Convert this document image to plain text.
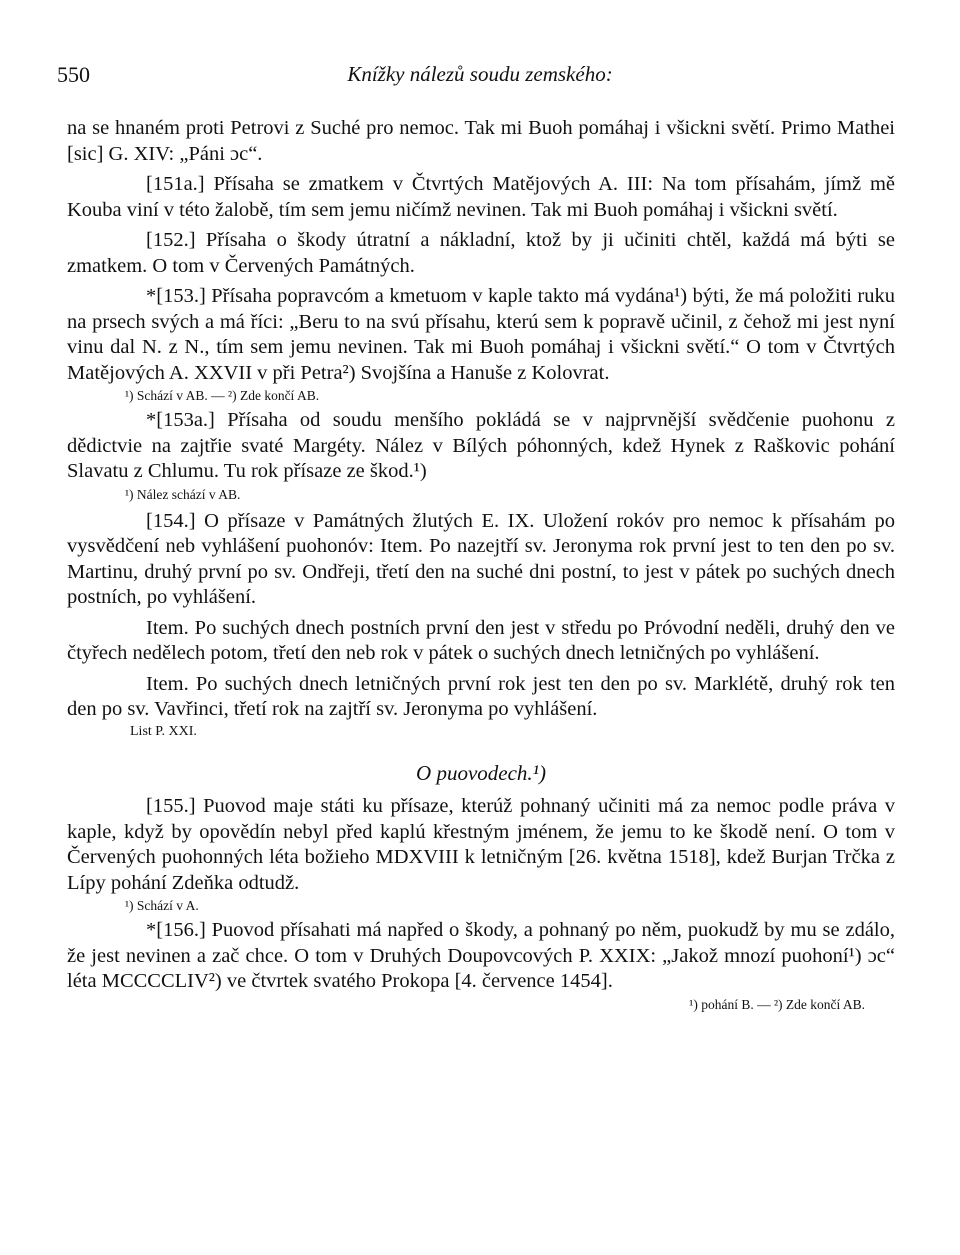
550	Knížky nálezů soudu zemského:

na se hnaném proti Petrovi z Suché pro nemoc. Tak mi Buoh pomáhaj i všickni světí. Primo Mathei [sic] G. XIV: „Páni ɔc“.

[151a.] Přísaha se zmatkem v Čtvrtých Matějových A. III: Na tom přísahám, jímž mě Kouba viní v této žalobě, tím sem jemu ničímž nevinen. Tak mi Buoh pomáhaj i všickni světí.

[152.] Přísaha o škody útratní a nákladní, ktož by ji učiniti chtěl, každá má býti se zmatkem. O tom v Červených Památných.

*[153.] Přísaha popravcóm a kmetuom v kaple takto má vydána¹) býti, že má položiti ruku na prsech svých a má říci: „Beru to na svú přísahu, kterú sem k popravě učinil, z čehož mi jest nyní vinu dal N. z N., tím sem jemu nevinen. Tak mi Buoh pomáhaj i všickni světí.“ O tom v Čtvrtých Matějových A. XXVII v při Petra²) Svojšína a Hanuše z Kolovrat.

¹) Schází v AB. — ²) Zde končí AB.

*[153a.] Přísaha od soudu menšího pokládá se v najprvnější svědčenie puohonu z dědictvie na zajtřie svaté Margéty. Nález v Bílých póhonných, kdež Hynek z Raškovic pohání Slavatu z Chlumu. Tu rok přísaze ze škod.¹)

¹) Nález schází v AB.

[154.] O přísaze v Památných žlutých E. IX. Uložení rokóv pro nemoc k přísahám po vysvědčení neb vyhlášení puohonóv: Item. Po nazejtří sv. Jeronyma rok první jest to ten den po sv. Martinu, druhý první po sv. Ondřeji, třetí den na suché dni postní, to jest v pátek po suchých dnech postních, po vyhlášení.

Item. Po suchých dnech postních první den jest v středu po Próvodní neděli, druhý den ve čtyřech nedělech potom, třetí den neb rok v pátek o suchých dnech letničných po vyhlášení.

Item. Po suchých dnech letničných první rok jest ten den po sv. Marklétě, druhý rok ten den po sv. Vavřinci, třetí rok na zajtří sv. Jeronyma po vyhlášení.

List P. XXI.
O puovodech.¹)

[155.] Puovod maje státi ku přísaze, kterúž pohnaný učiniti má za nemoc podle práva v kaple, když by opovědín nebyl před kaplú křestným jménem, že jemu to ke škodě není. O tom v Červených puohonných léta božieho MDXVIII k letničným [26. května 1518], kdež Burjan Trčka z Lípy pohání Zdeňka odtudž.

¹) Schází v A.

*[156.] Puovod přísahati má napřed o škody, a pohnaný po něm, puokudž by mu se zdálo, že jest nevinen a zač chce. O tom v Druhých Doupovcových P. XXIX: „Jakož mnozí puohoní¹) ɔc“ léta MCCCCLIV²) ve čtvrtek svatého Prokopa [4. července 1454].

¹) pohání B. — ²) Zde končí AB.
